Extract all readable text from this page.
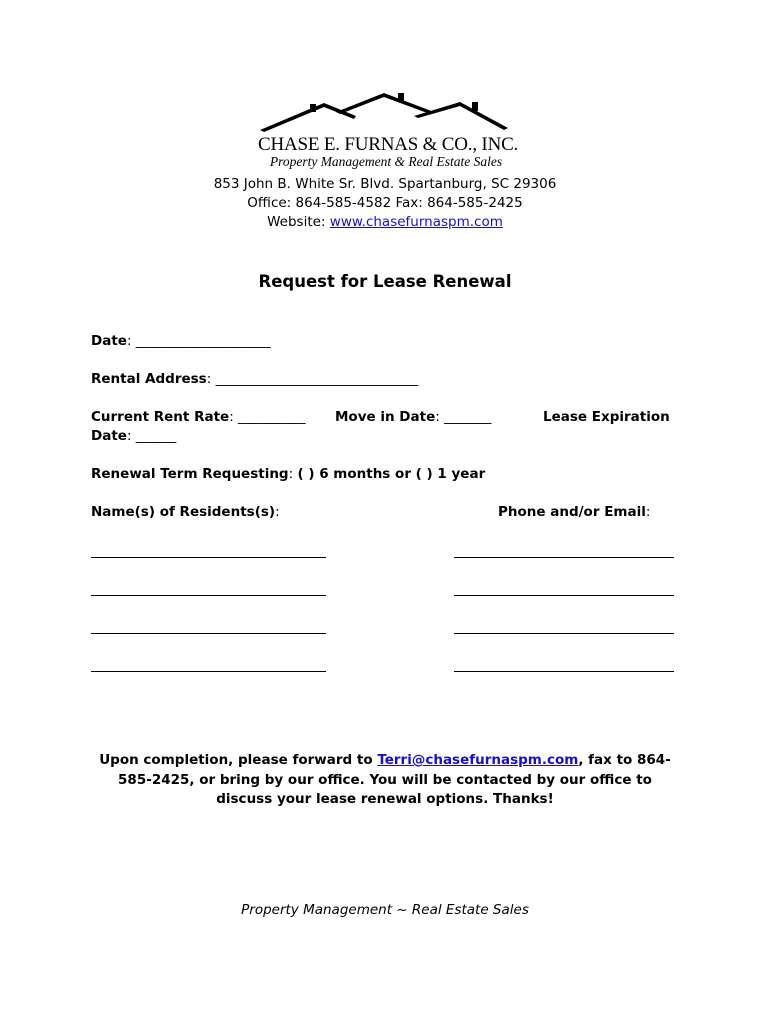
CHASE E. FURNAS & CO., INC.
Property Management & Real Estate Sales
853 John B. White Sr. Blvd. Spartanburg, SC 29306
Office: 864-585-4582 Fax: 864-585-2425
Website: www.chasefurnaspm.com
Request for Lease Renewal
Date: ____________________
Rental Address: ______________________________
Current Rent Rate: __________ Move in Date: _______	Lease Expiration
Date: ______
Renewal Term Requesting: ( ) 6 months or ( ) 1 year
Name(s) of Residents(s):	Phone and/or Email:
Upon completion, please forward to Terri@chasefurnaspm.com, fax to 864-585-2425, or bring by our office. You will be contacted by our office to discuss your lease renewal options. Thanks!
Property Management ~ Real Estate Sales
